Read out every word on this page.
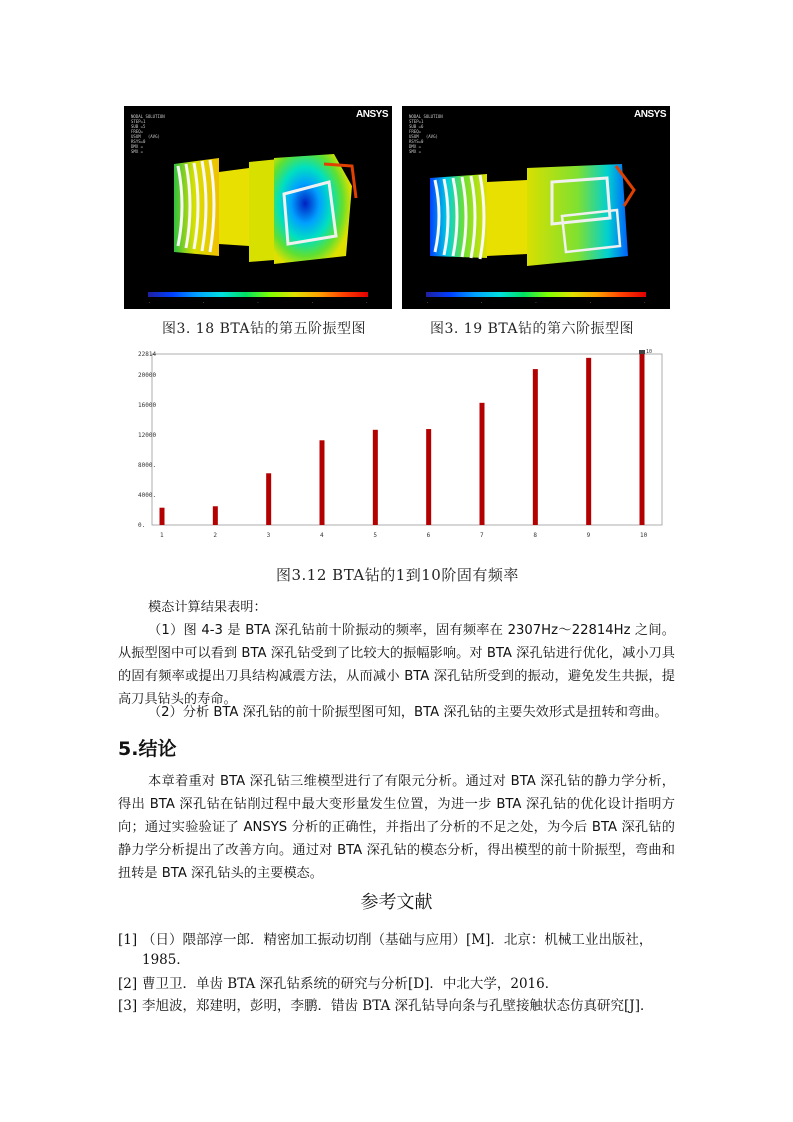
NODAL SOLUTION
STEP=1
SUB =5
FREQ=
USUM   (AVG)
RSYS=0
DMX =
SMX =
ANSYS
·	·	·	·	·
NODAL SOLUTION
STEP=1
SUB =6
FREQ=
USUM   (AVG)
RSYS=0
DMX =
SMX =
ANSYS
·	·	·	·	·
图3. 18 BTA钻的第五阶振型图	图3. 19 BTA钻的第六阶振型图
0.
4000.
8000.
12000
16000
20000
22814
1	2	3	4	5	6	7	8	9	10
10
图3.12 BTA钻的1到10阶固有频率
模态计算结果表明：
（1）图 4-3 是 BTA 深孔钻前十阶振动的频率，固有频率在 2307Hz～22814Hz 之间。从振型图中可以看到 BTA 深孔钻受到了比较大的振幅影响。对 BTA 深孔钻进行优化，减小刀具的固有频率或提出刀具结构减震方法，从而减小 BTA 深孔钻所受到的振动，避免发生共振，提高刀具钻头的寿命。
（2）分析 BTA 深孔钻的前十阶振型图可知，BTA 深孔钻的主要失效形式是扭转和弯曲。
5.结论
本章着重对 BTA 深孔钻三维模型进行了有限元分析。通过对 BTA 深孔钻的静力学分析，得出 BTA 深孔钻在钻削过程中最大变形量发生位置，为进一步 BTA 深孔钻的优化设计指明方向；通过实验验证了 ANSYS 分析的正确性，并指出了分析的不足之处，为今后 BTA 深孔钻的静力学分析提出了改善方向。通过对 BTA 深孔钻的模态分析，得出模型的前十阶振型，弯曲和扭转是 BTA 深孔钻头的主要模态。
参考文献
[1] （日）隈部淳一郎．精密加工振动切削（基础与应用）[M]．北京：机械工业出版社，
1985．
[2] 曹卫卫．单齿 BTA 深孔钻系统的研究与分析[D]．中北大学，2016．
[3] 李旭波，郑建明，彭明，李鹏．错齿 BTA 深孔钻导向条与孔壁接触状态仿真研究[J]．
